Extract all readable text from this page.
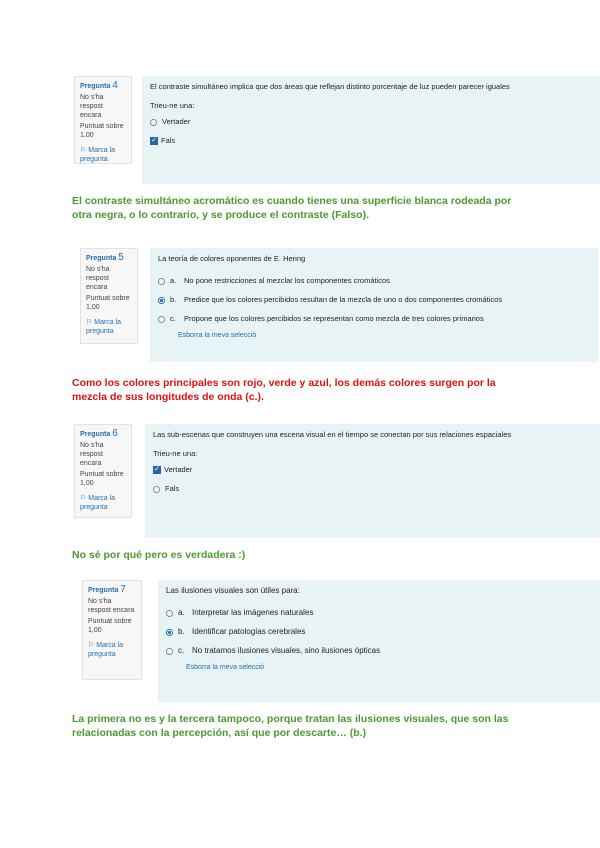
Pregunta 4
No s'ha respost encara
Puntuat sobre 1,00
⚐ Marca la pregunta
El contraste simultáneo implica que dos áreas que reflejan distinto porcentaje de luz pueden parecer iguales
Trieu-ne una:
Vertader
✓ Fals
El contraste simultáneo acromático es cuando tienes una superficie blanca rodeada por otra negra, o lo contrario, y se produce el contraste (Falso).
Pregunta 5
No s'ha respost encara
Puntuat sobre 1,00
⚐ Marca la pregunta
La teoría de colores oponentes de E. Hering
a.	No pone restricciones al mezclar los componentes cromáticos
b.	Predice que los colores percibidos resultan de la mezcla de uno o dos componentes cromáticos
c.	Propone que los colores percibidos se representan como mezcla de tres colores primarios
Esborra la meva selecció
Como los colores principales son rojo, verde y azul, los demás colores surgen por la mezcla de sus longitudes de onda (c.).
Pregunta 6
No s'ha respost encara
Puntuat sobre 1,00
⚐ Marca la pregunta
Las sub-escenas que construyen una escena visual en el tiempo se conectan por sus relaciones espaciales
Trieu-ne una:
✓ Vertader
Fals
No sé por qué pero es verdadera :)
Pregunta 7
No s'ha respost encara
Puntuat sobre 1,00
⚐ Marca la pregunta
Las ilusiones visuales son útiles para:
a. Interpretar las imágenes naturales
b. Identificar patologías cerebrales
c. No tratamos ilusiones visuales, sino ilusiones ópticas
Esborra la meva selecció
La primera no es y la tercera tampoco, porque tratan las ilusiones visuales, que son las relacionadas con la percepción, así que por descarte… (b.)
